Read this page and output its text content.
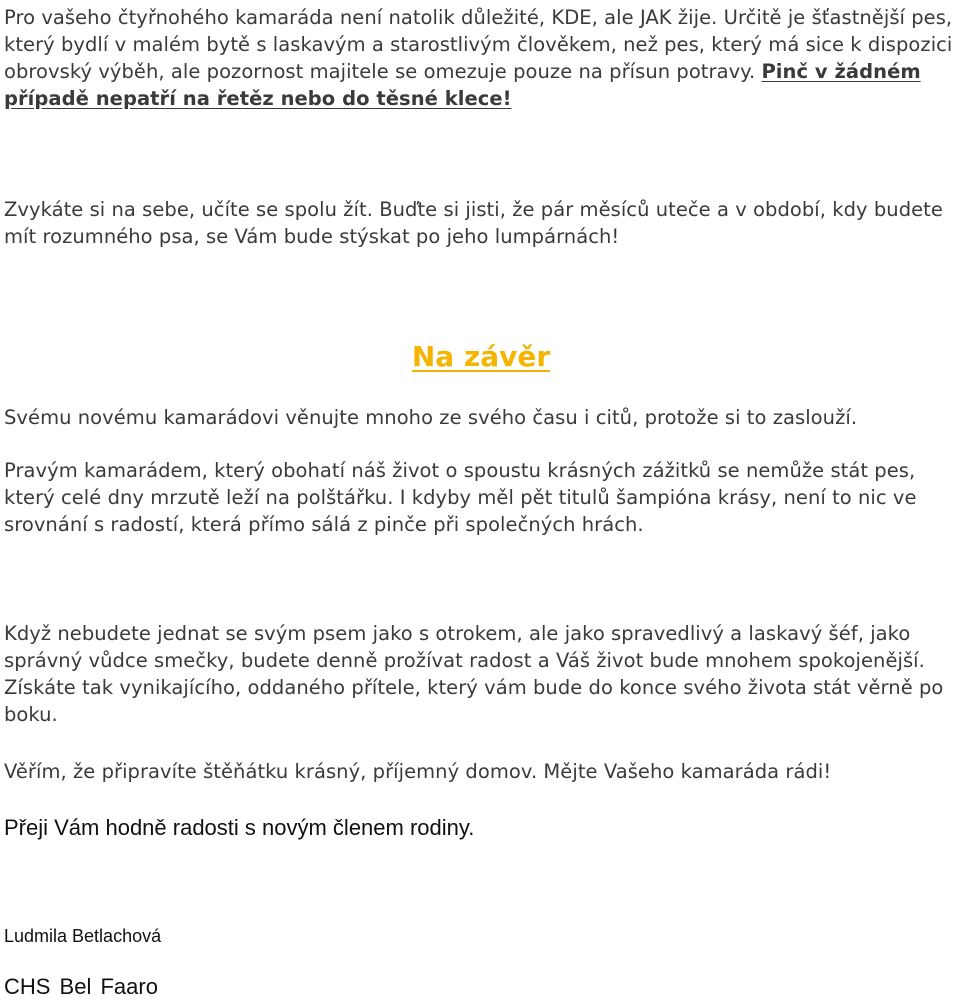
Pro vašeho čtyřnohého kamaráda není natolik důležité, KDE, ale JAK žije. Určitě je šťastnější pes, který bydlí v malém bytě s laskavým a starostlivým člověkem, než pes, který má sice k dispozici obrovský výběh, ale pozornost majitele se omezuje pouze na přísun potravy. Pinč v žádném případě nepatří na řetěz nebo do těsné klece!

Zvykáte si na sebe, učíte se spolu žít. Buďte si jisti, že pár měsíců uteče a v období, kdy budete mít rozumného psa, se Vám bude stýskat po jeho lumpárnách!

Na závěr

Svému novému kamarádovi věnujte mnoho ze svého času i citů, protože si to zaslouží.

Pravým kamarádem, který obohatí náš život o spoustu krásných zážitků se nemůže stát pes, který celé dny mrzutě leží na polštářku. I kdyby měl pět titulů šampióna krásy, není to nic ve srovnání s radostí, která přímo sálá z pinče při společných hrách.

Když nebudete jednat se svým psem jako s otrokem, ale jako spravedlivý a laskavý šéf, jako správný vůdce smečky, budete denně prožívat radost a Váš život bude mnohem spokojenější. Získáte tak vynikajícího, oddaného přítele, který vám bude do konce svého života stát věrně po boku.

Věřím, že připravíte štěňátku krásný, příjemný domov. Mějte Vašeho kamaráda rádi!

Přeji Vám hodně radosti s novým členem rodiny.

Ludmila Betlachová
CHS Bel Faaro
